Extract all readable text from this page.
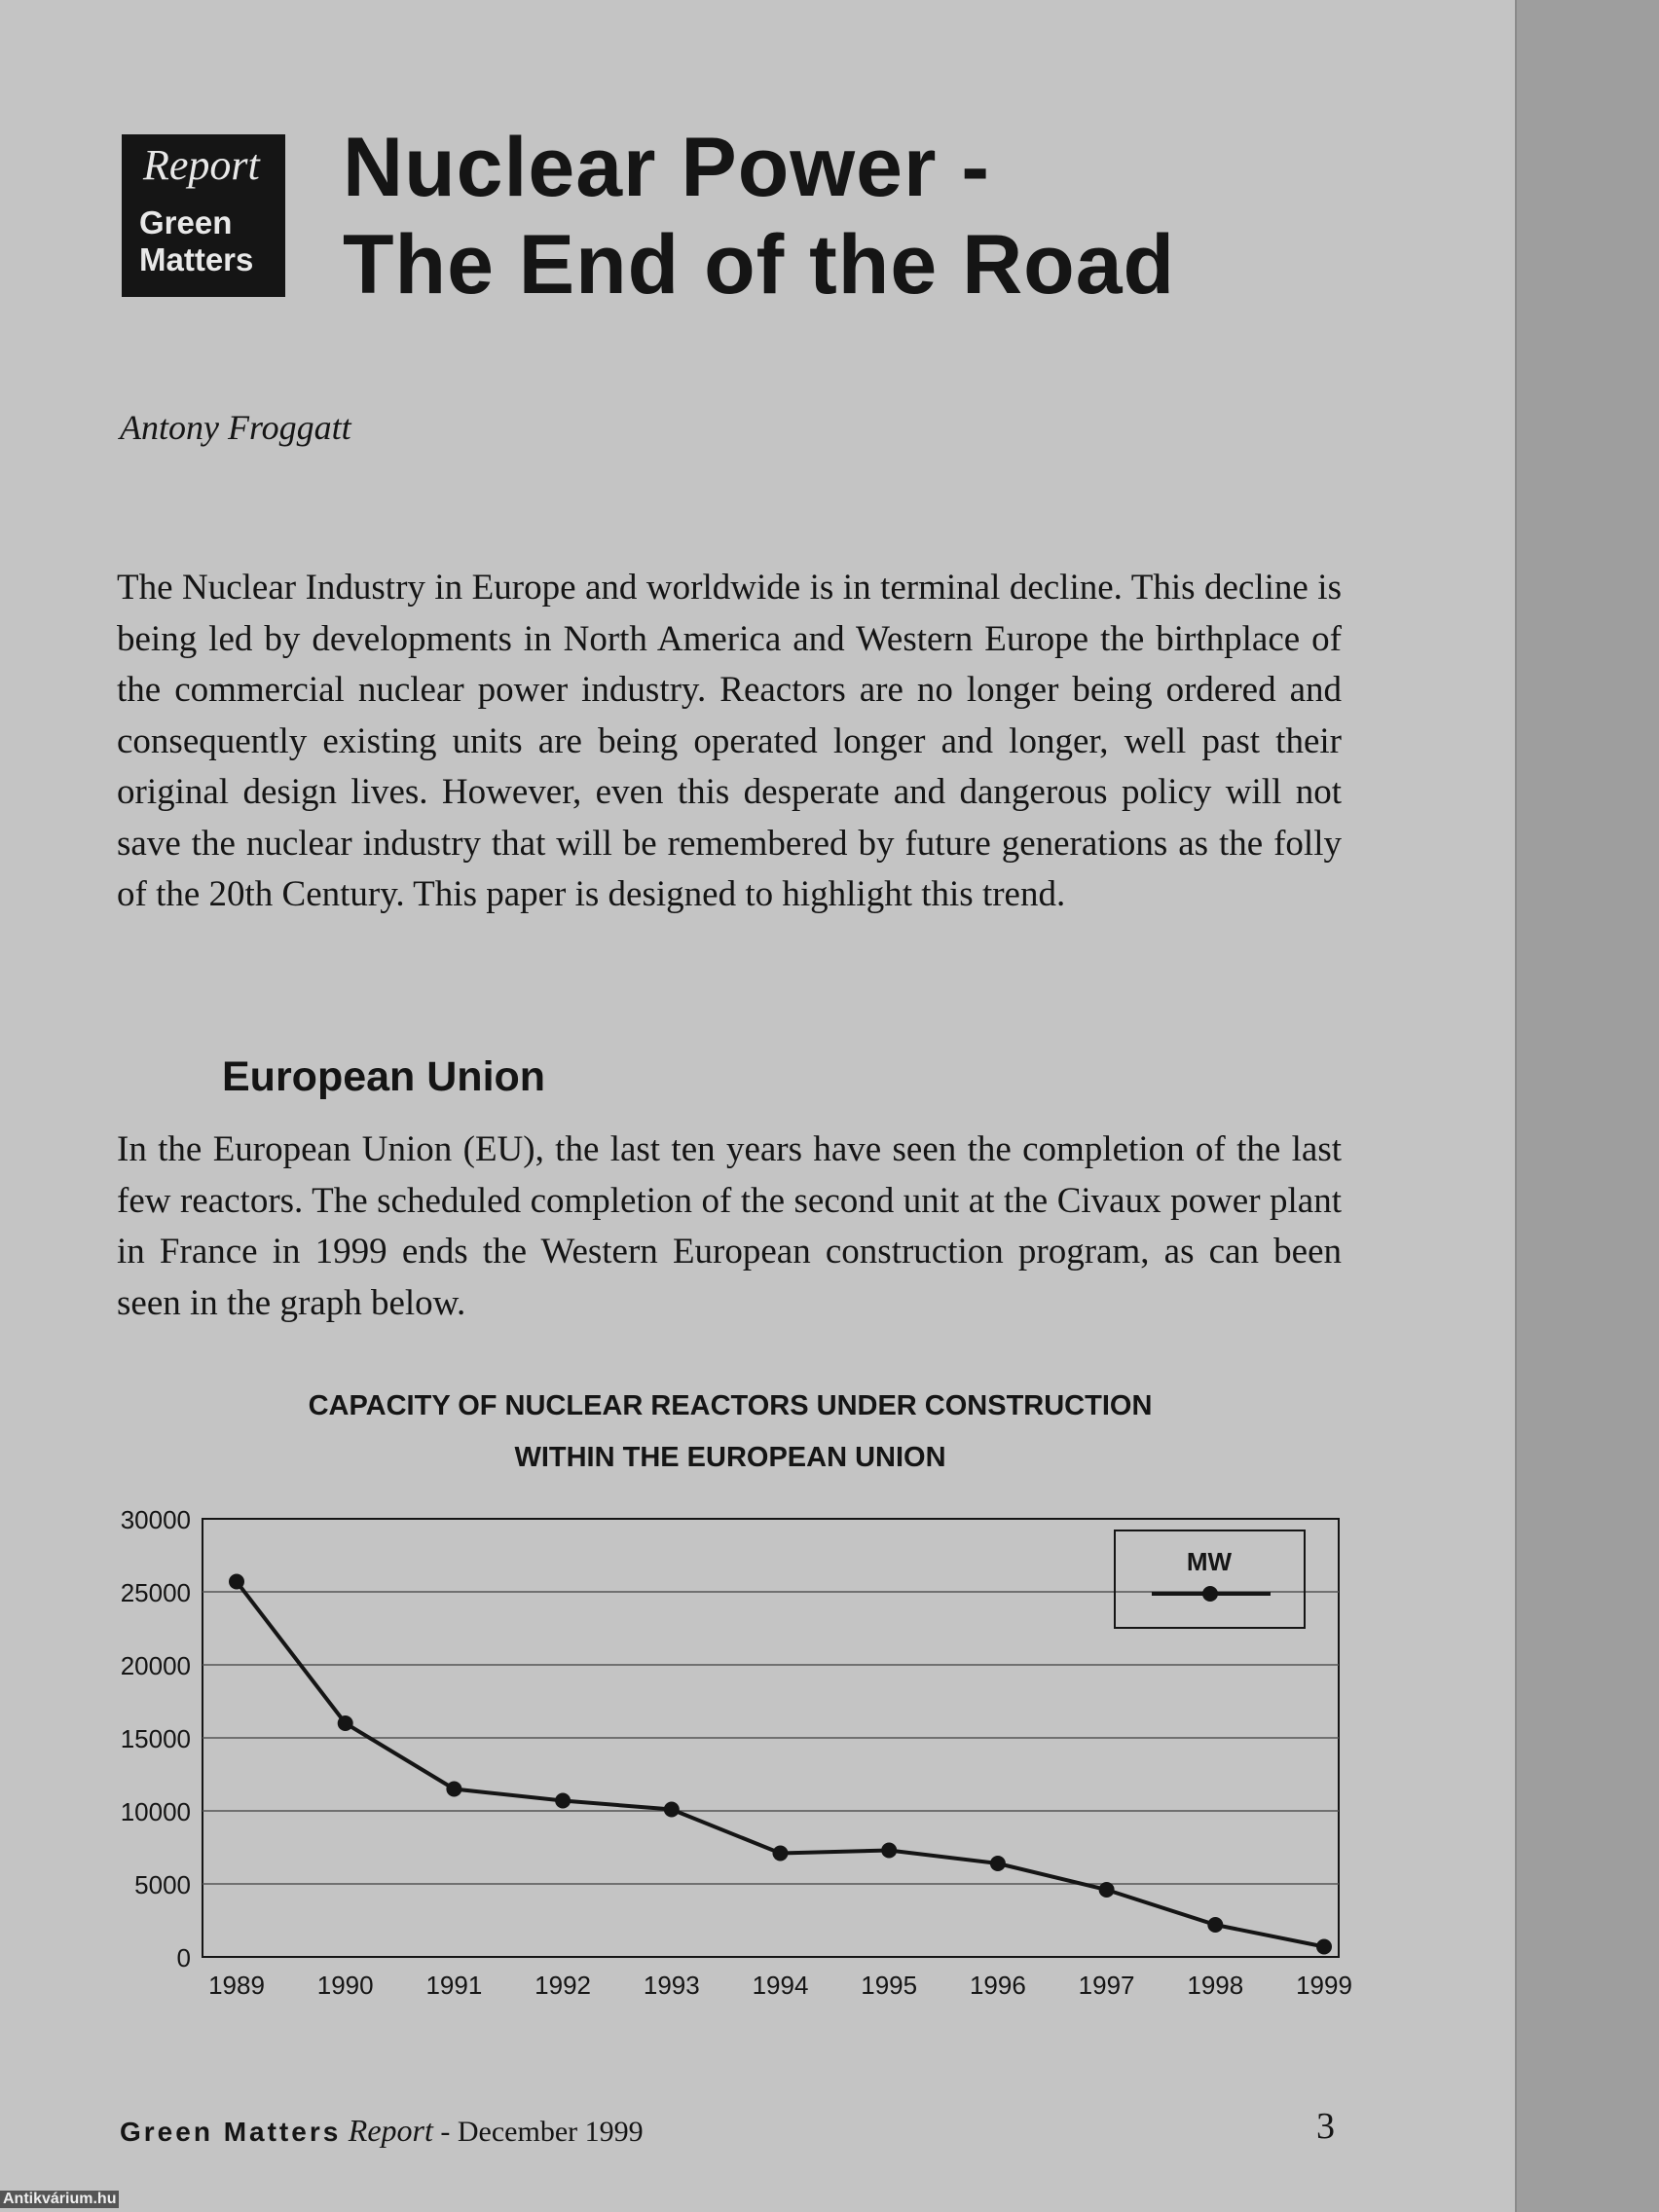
Report
Green
Matters
Nuclear Power -
The End of the Road
Antony Froggatt
The Nuclear Industry in Europe and worldwide is in terminal decline. This decline is being led by developments in North America and Western Europe the birthplace of the commercial nuclear power industry. Reactors are no longer being ordered and consequently existing units are being operated longer and longer, well past their original design lives. However, even this desperate and dangerous policy will not save the nuclear industry that will be remembered by future generations as the folly of the 20th Century. This paper is designed to highlight this trend.
European Union
In the European Union (EU), the last ten years have seen the completion of the last few reactors. The scheduled completion of the second unit at the Civaux power plant in France in 1999 ends the Western European construction program, as can been seen in the graph below.
CAPACITY OF NUCLEAR REACTORS UNDER CONSTRUCTION
WITHIN THE EUROPEAN UNION
0
5000
10000
15000
20000
25000
30000
1989 1990 1991 1992 1993 1994 1995 1996 1997 1998 1999
MW
Green Matters Report - December 1999	3
Antikvárium.hu
